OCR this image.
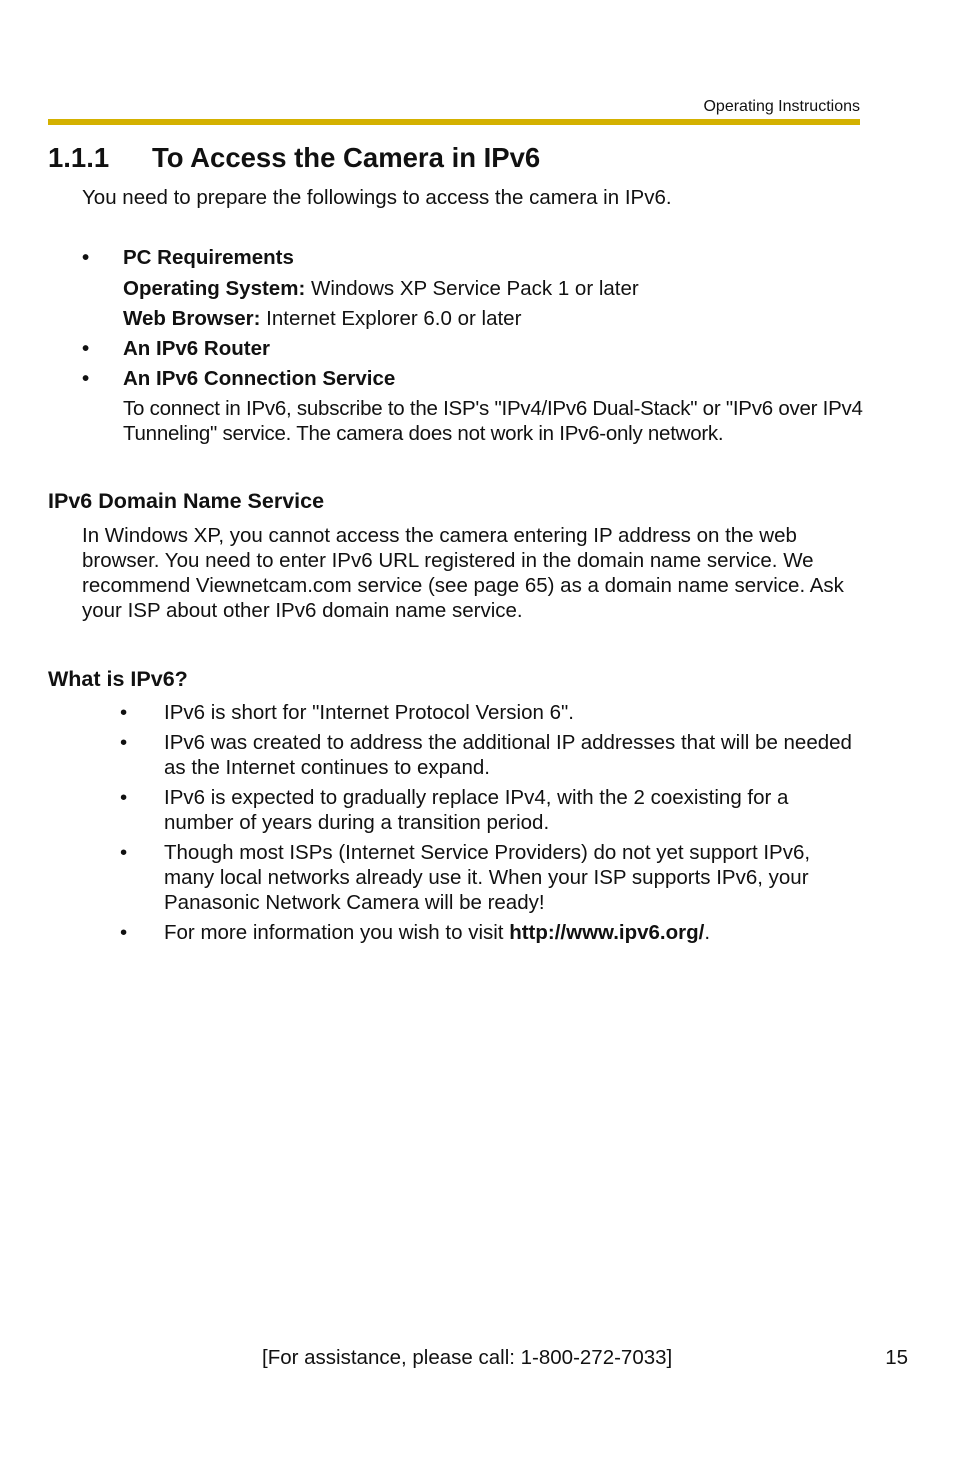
Operating Instructions
1.1.1 To Access the Camera in IPv6
You need to prepare the followings to access the camera in IPv6.
• PC Requirements
Operating System: Windows XP Service Pack 1 or later
Web Browser: Internet Explorer 6.0 or later
• An IPv6 Router
• An IPv6 Connection Service
To connect in IPv6, subscribe to the ISP's "IPv4/IPv6 Dual-Stack" or "IPv6 over IPv4 Tunneling" service. The camera does not work in IPv6-only network.
IPv6 Domain Name Service
In Windows XP, you cannot access the camera entering IP address on the web browser. You need to enter IPv6 URL registered in the domain name service. We recommend Viewnetcam.com service (see page 65) as a domain name service. Ask your ISP about other IPv6 domain name service.
What is IPv6?
• IPv6 is short for "Internet Protocol Version 6".
• IPv6 was created to address the additional IP addresses that will be needed as the Internet continues to expand.
• IPv6 is expected to gradually replace IPv4, with the 2 coexisting for a number of years during a transition period.
• Though most ISPs (Internet Service Providers) do not yet support IPv6, many local networks already use it. When your ISP supports IPv6, your Panasonic Network Camera will be ready!
• For more information you wish to visit http://www.ipv6.org/.
[For assistance, please call: 1-800-272-7033]	15
